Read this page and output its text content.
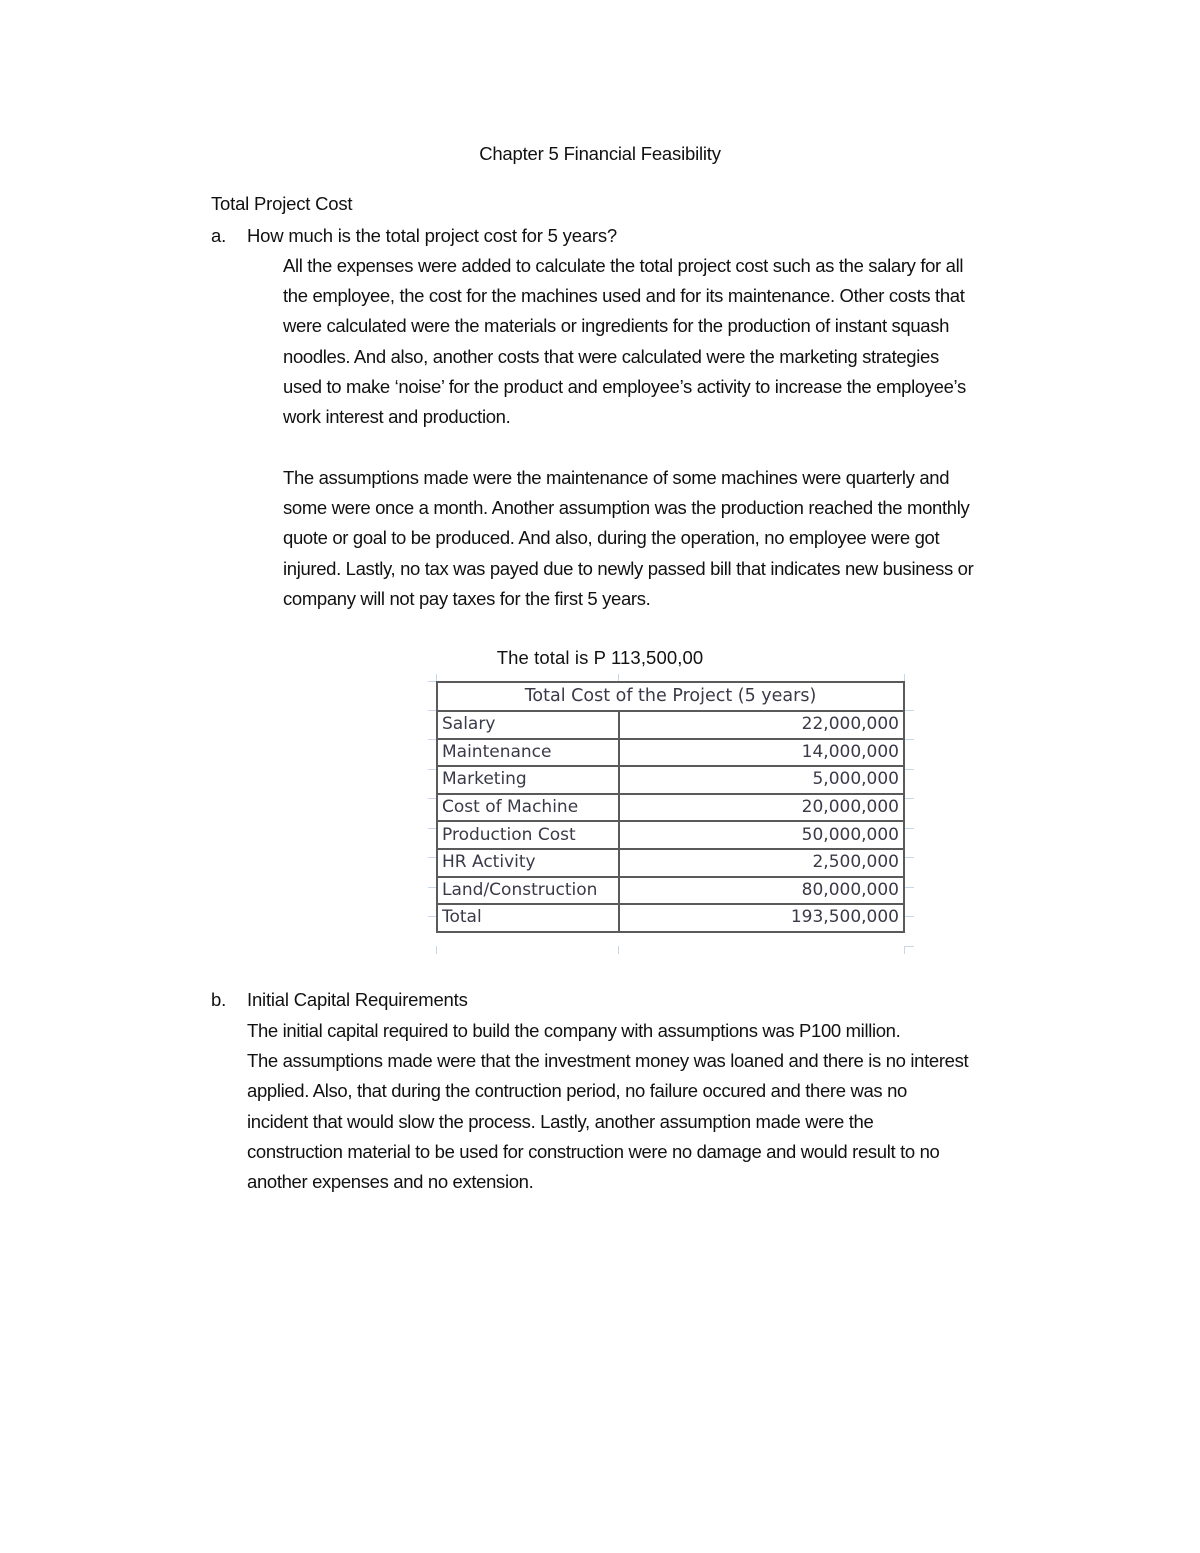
Chapter 5 Financial Feasibility
Total Project Cost
a. How much is the total project cost for 5 years?
All the expenses were added to calculate the total project cost such as the salary for all
the employee, the cost for the machines used and for its maintenance. Other costs that
were calculated were the materials or ingredients for the production of instant squash
noodles. And also, another costs that were calculated were the marketing strategies
used to make ‘noise’ for the product and employee’s activity to increase the employee’s
work interest and production.
The assumptions made were the maintenance of some machines were quarterly and
some were once a month. Another assumption was the production reached the monthly
quote or goal to be produced. And also, during the operation, no employee were got
injured. Lastly, no tax was payed due to newly passed bill that indicates new business or
company will not pay taxes for the first 5 years.
The total is P 113,500,00
Total Cost of the Project (5 years)	
Salary	22,000,000
Maintenance	14,000,000
Marketing	5,000,000
Cost of Machine	20,000,000
Production Cost	50,000,000
HR Activity	2,500,000
Land/Construction	80,000,000
Total	193,500,000
b. Initial Capital Requirements
The initial capital required to build the company with assumptions was P100 million.
The assumptions made were that the investment money was loaned and there is no interest
applied. Also, that during the contruction period, no failure occured and there was no
incident that would slow the process. Lastly, another assumption made were the
construction material to be used for construction were no damage and would result to no
another expenses and no extension.
